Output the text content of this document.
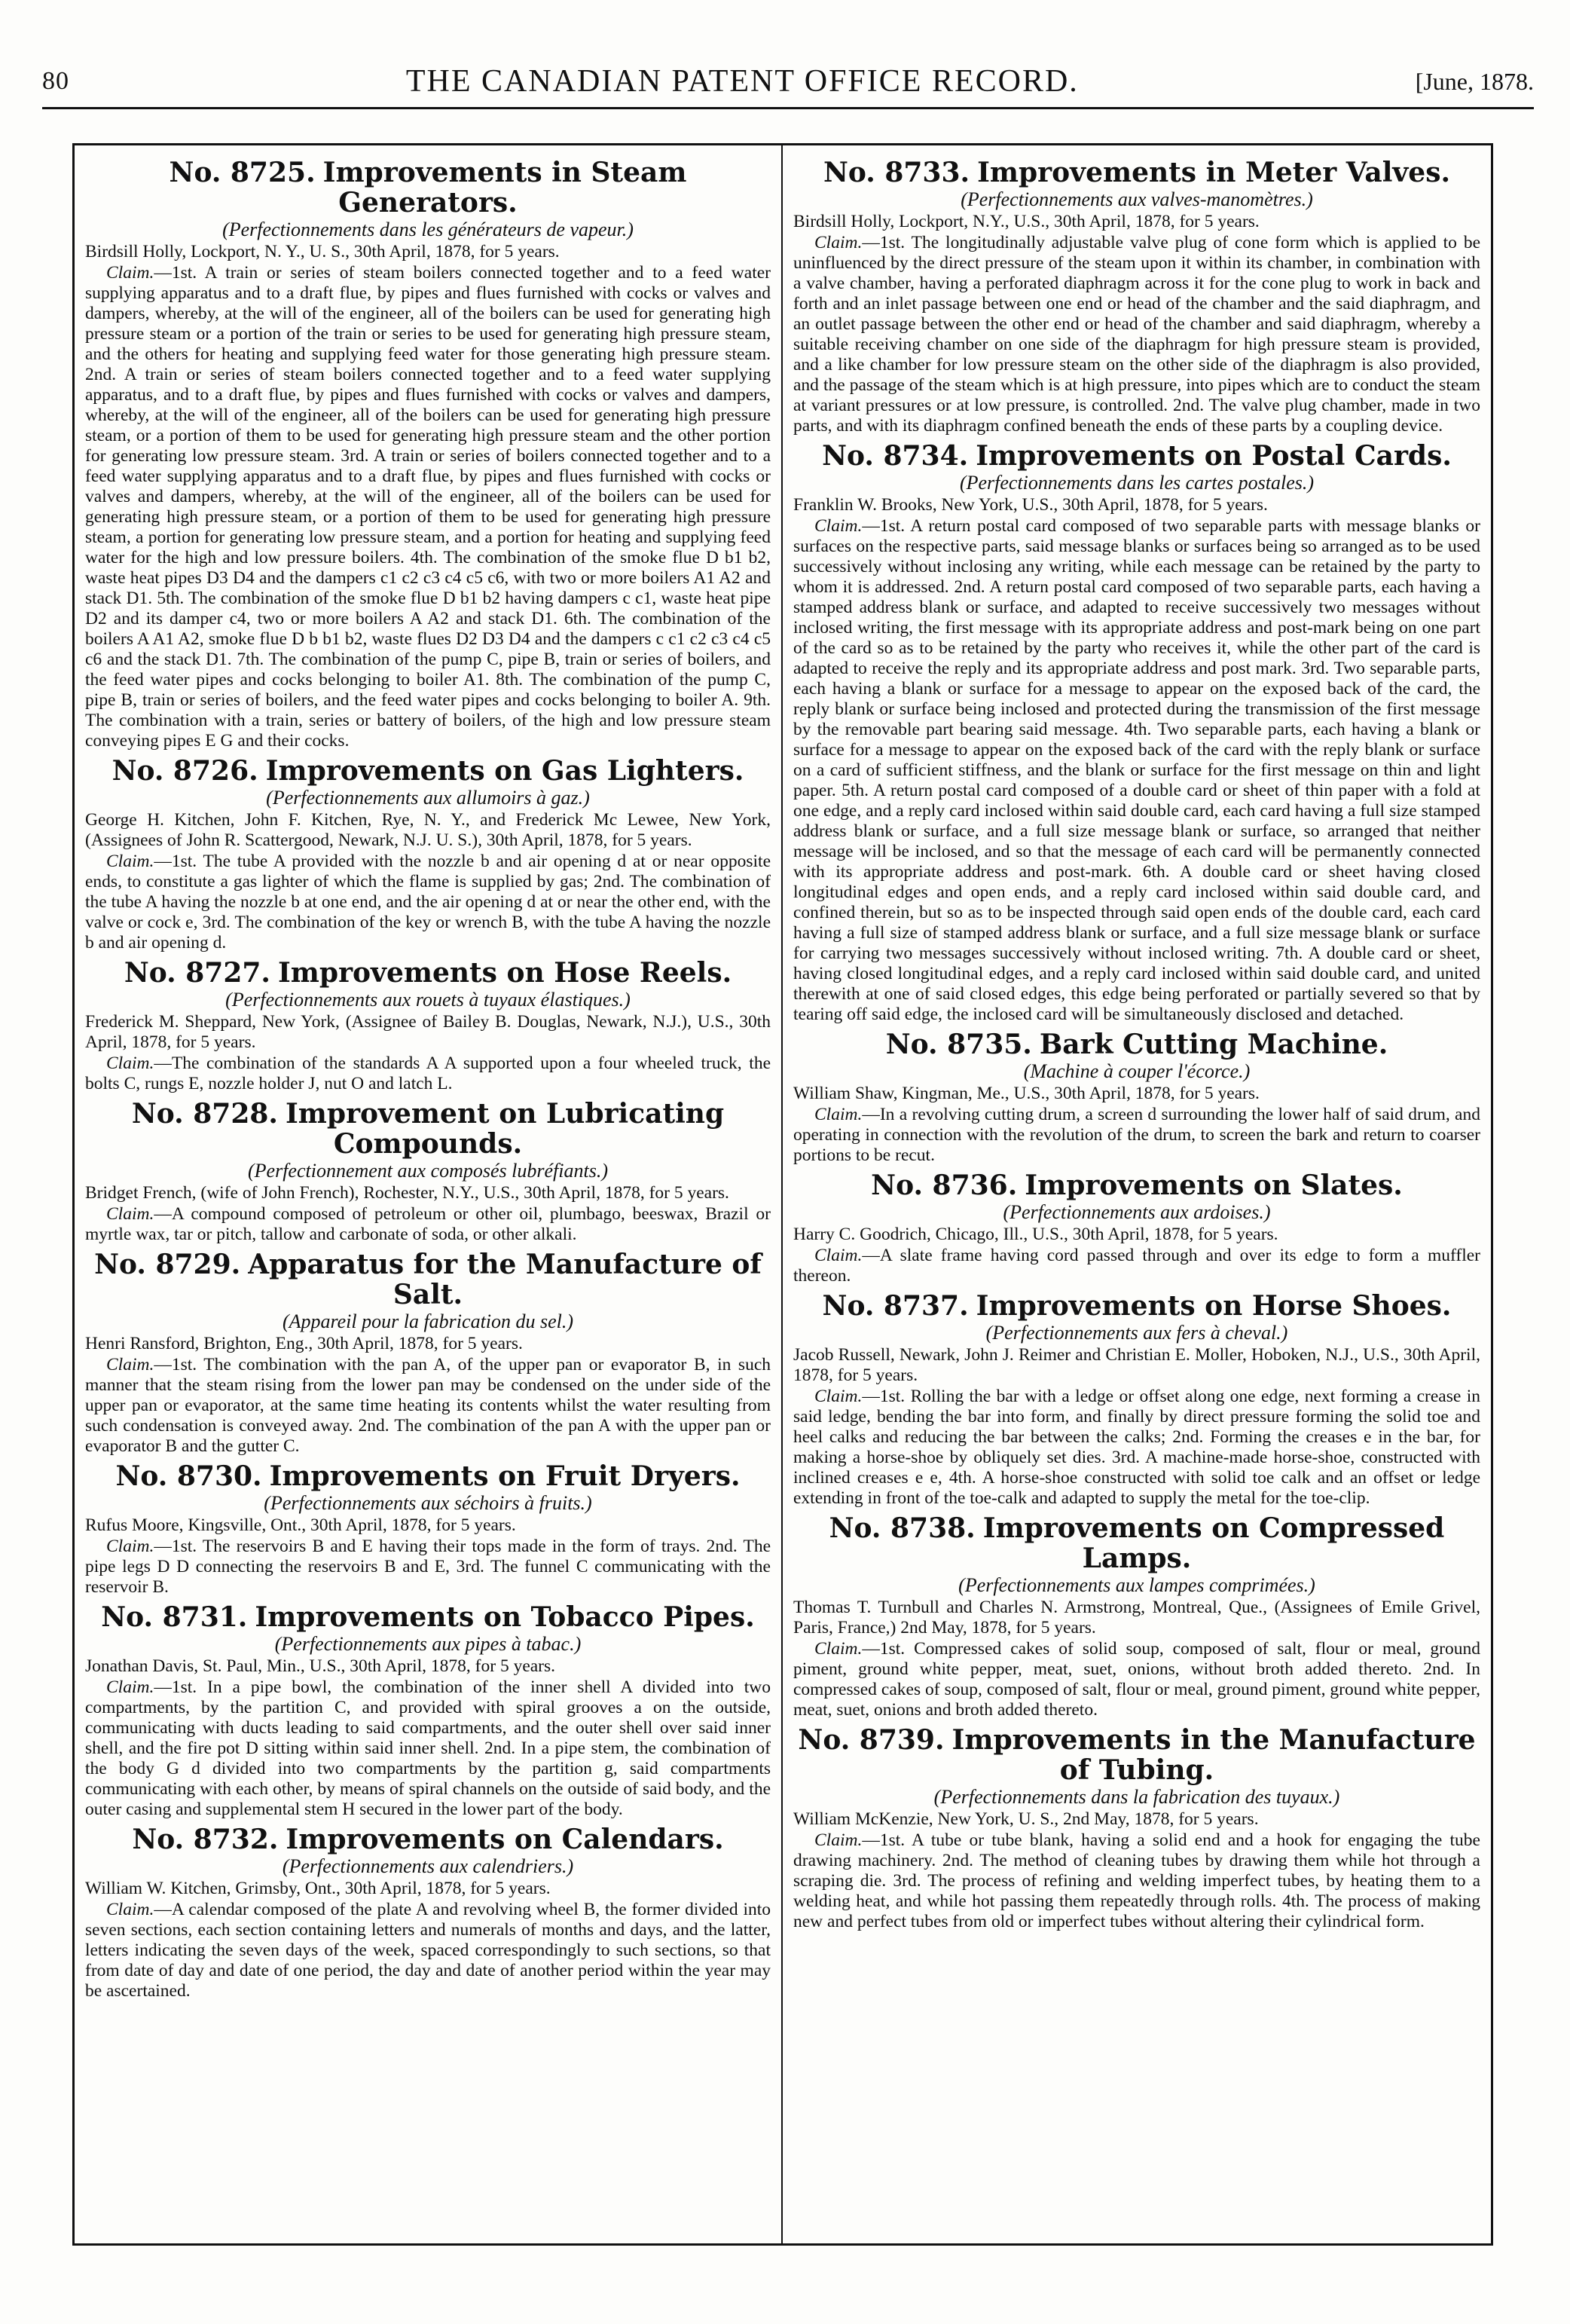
80	THE CANADIAN PATENT OFFICE RECORD.	[June, 1878.
No. 8725. Improvements in Steam Generators.
(Perfectionnements dans les générateurs de vapeur.)
Birdsill Holly, Lockport, N. Y., U. S., 30th April, 1878, for 5 years.

Claim.—1st. A train or series of steam boilers connected together and to a feed water supplying apparatus and to a draft flue, by pipes and flues furnished with cocks or valves and dampers, whereby, at the will of the engineer, all of the boilers can be used for generating high pressure steam or a portion of the train or series to be used for generating high pressure steam, and the others for heating and supplying feed water for those generating high pressure steam. 2nd. A train or series of steam boilers connected together and to a feed water supplying apparatus, and to a draft flue, by pipes and flues furnished with cocks or valves and dampers, whereby, at the will of the engineer, all of the boilers can be used for generating high pressure steam, or a portion of them to be used for generating high pressure steam and the other portion for generating low pressure steam. 3rd. A train or series of boilers connected together and to a feed water supplying apparatus and to a draft flue, by pipes and flues furnished with cocks or valves and dampers, whereby, at the will of the engineer, all of the boilers can be used for generating high pressure steam, or a portion of them to be used for generating high pressure steam, a portion for generating low pressure steam, and a portion for heating and supplying feed water for the high and low pressure boilers. 4th. The combination of the smoke flue D b1 b2, waste heat pipes D3 D4 and the dampers c1 c2 c3 c4 c5 c6, with two or more boilers A1 A2 and stack D1. 5th. The combination of the smoke flue D b1 b2 having dampers c c1, waste heat pipe D2 and its damper c4, two or more boilers A A2 and stack D1. 6th. The combination of the boilers A A1 A2, smoke flue D b b1 b2, waste flues D2 D3 D4 and the dampers c c1 c2 c3 c4 c5 c6 and the stack D1. 7th. The combination of the pump C, pipe B, train or series of boilers, and the feed water pipes and cocks belonging to boiler A1. 8th. The combination of the pump C, pipe B, train or series of boilers, and the feed water pipes and cocks belonging to boiler A. 9th. The combination with a train, series or battery of boilers, of the high and low pressure steam conveying pipes E G and their cocks.

No. 8726. Improvements on Gas Lighters.
(Perfectionnements aux allumoirs à gaz.)
George H. Kitchen, John F. Kitchen, Rye, N. Y., and Frederick Mc Lewee, New York, (Assignees of John R. Scattergood, Newark, N.J. U. S.), 30th April, 1878, for 5 years.

Claim.—1st. The tube A provided with the nozzle b and air opening d at or near opposite ends, to constitute a gas lighter of which the flame is supplied by gas; 2nd. The combination of the tube A having the nozzle b at one end, and the air opening d at or near the other end, with the valve or cock e, 3rd. The combination of the key or wrench B, with the tube A having the nozzle b and air opening d.

No. 8727. Improvements on Hose Reels.
(Perfectionnements aux rouets à tuyaux élastiques.)
Frederick M. Sheppard, New York, (Assignee of Bailey B. Douglas, Newark, N.J.), U.S., 30th April, 1878, for 5 years.

Claim.—The combination of the standards A A supported upon a four wheeled truck, the bolts C, rungs E, nozzle holder J, nut O and latch L.

No. 8728. Improvement on Lubricating Compounds.
(Perfectionnement aux composés lubréfiants.)
Bridget French, (wife of John French), Rochester, N.Y., U.S., 30th April, 1878, for 5 years.

Claim.—A compound composed of petroleum or other oil, plumbago, beeswax, Brazil or myrtle wax, tar or pitch, tallow and carbonate of soda, or other alkali.

No. 8729. Apparatus for the Manufacture of Salt.
(Appareil pour la fabrication du sel.)
Henri Ransford, Brighton, Eng., 30th April, 1878, for 5 years.

Claim.—1st. The combination with the pan A, of the upper pan or evaporator B, in such manner that the steam rising from the lower pan may be condensed on the under side of the upper pan or evaporator, at the same time heating its contents whilst the water resulting from such condensation is conveyed away. 2nd. The combination of the pan A with the upper pan or evaporator B and the gutter C.

No. 8730. Improvements on Fruit Dryers.
(Perfectionnements aux séchoirs à fruits.)
Rufus Moore, Kingsville, Ont., 30th April, 1878, for 5 years.

Claim.—1st. The reservoirs B and E having their tops made in the form of trays. 2nd. The pipe legs D D connecting the reservoirs B and E, 3rd. The funnel C communicating with the reservoir B.

No. 8731. Improvements on Tobacco Pipes.
(Perfectionnements aux pipes à tabac.)
Jonathan Davis, St. Paul, Min., U.S., 30th April, 1878, for 5 years.

Claim.—1st. In a pipe bowl, the combination of the inner shell A divided into two compartments, by the partition C, and provided with spiral grooves a on the outside, communicating with ducts leading to said compartments, and the outer shell over said inner shell, and the fire pot D sitting within said inner shell. 2nd. In a pipe stem, the combination of the body G d divided into two compartments by the partition g, said compartments communicating with each other, by means of spiral channels on the outside of said body, and the outer casing and supplemental stem H secured in the lower part of the body.

No. 8732. Improvements on Calendars.
(Perfectionnements aux calendriers.)
William W. Kitchen, Grimsby, Ont., 30th April, 1878, for 5 years.

Claim.—A calendar composed of the plate A and revolving wheel B, the former divided into seven sections, each section containing letters and numerals of months and days, and the latter, letters indicating the seven days of the week, spaced correspondingly to such sections, so that from date of day and date of one period, the day and date of another period within the year may be ascertained.

No. 8733. Improvements in Meter Valves.
(Perfectionnements aux valves-manomètres.)
Birdsill Holly, Lockport, N.Y., U.S., 30th April, 1878, for 5 years.

Claim.—1st. The longitudinally adjustable valve plug of cone form which is applied to be uninfluenced by the direct pressure of the steam upon it within its chamber, in combination with a valve chamber, having a perforated diaphragm across it for the cone plug to work in back and forth and an inlet passage between one end or head of the chamber and the said diaphragm, and an outlet passage between the other end or head of the chamber and said diaphragm, whereby a suitable receiving chamber on one side of the diaphragm for high pressure steam is provided, and a like chamber for low pressure steam on the other side of the diaphragm is also provided, and the passage of the steam which is at high pressure, into pipes which are to conduct the steam at variant pressures or at low pressure, is controlled. 2nd. The valve plug chamber, made in two parts, and with its diaphragm confined beneath the ends of these parts by a coupling device.

No. 8734. Improvements on Postal Cards.
(Perfectionnements dans les cartes postales.)
Franklin W. Brooks, New York, U.S., 30th April, 1878, for 5 years.

Claim.—1st. A return postal card composed of two separable parts with message blanks or surfaces on the respective parts, said message blanks or surfaces being so arranged as to be used successively without inclosing any writing, while each message can be retained by the party to whom it is addressed. 2nd. A return postal card composed of two separable parts, each having a stamped address blank or surface, and adapted to receive successively two messages without inclosed writing, the first message with its appropriate address and post-mark being on one part of the card so as to be retained by the party who receives it, while the other part of the card is adapted to receive the reply and its appropriate address and post mark. 3rd. Two separable parts, each having a blank or surface for a message to appear on the exposed back of the card, the reply blank or surface being inclosed and protected during the transmission of the first message by the removable part bearing said message. 4th. Two separable parts, each having a blank or surface for a message to appear on the exposed back of the card with the reply blank or surface on a card of sufficient stiffness, and the blank or surface for the first message on thin and light paper. 5th. A return postal card composed of a double card or sheet of thin paper with a fold at one edge, and a reply card inclosed within said double card, each card having a full size stamped address blank or surface, and a full size message blank or surface, so arranged that neither message will be inclosed, and so that the message of each card will be permanently connected with its appropriate address and post-mark. 6th. A double card or sheet having closed longitudinal edges and open ends, and a reply card inclosed within said double card, and confined therein, but so as to be inspected through said open ends of the double card, each card having a full size of stamped address blank or surface, and a full size message blank or surface for carrying two messages successively without inclosed writing. 7th. A double card or sheet, having closed longitudinal edges, and a reply card inclosed within said double card, and united therewith at one of said closed edges, this edge being perforated or partially severed so that by tearing off said edge, the inclosed card will be simultaneously disclosed and detached.

No. 8735. Bark Cutting Machine.
(Machine à couper l'écorce.)
William Shaw, Kingman, Me., U.S., 30th April, 1878, for 5 years.

Claim.—In a revolving cutting drum, a screen d surrounding the lower half of said drum, and operating in connection with the revolution of the drum, to screen the bark and return to coarser portions to be recut.

No. 8736. Improvements on Slates.
(Perfectionnements aux ardoises.)
Harry C. Goodrich, Chicago, Ill., U.S., 30th April, 1878, for 5 years.

Claim.—A slate frame having cord passed through and over its edge to form a muffler thereon.

No. 8737. Improvements on Horse Shoes.
(Perfectionnements aux fers à cheval.)
Jacob Russell, Newark, John J. Reimer and Christian E. Moller, Hoboken, N.J., U.S., 30th April, 1878, for 5 years.

Claim.—1st. Rolling the bar with a ledge or offset along one edge, next forming a crease in said ledge, bending the bar into form, and finally by direct pressure forming the solid toe and heel calks and reducing the bar between the calks; 2nd. Forming the creases e in the bar, for making a horse-shoe by obliquely set dies. 3rd. A machine-made horse-shoe, constructed with inclined creases e e, 4th. A horse-shoe constructed with solid toe calk and an offset or ledge extending in front of the toe-calk and adapted to supply the metal for the toe-clip.

No. 8738. Improvements on Compressed Lamps.
(Perfectionnements aux lampes comprimées.)
Thomas T. Turnbull and Charles N. Armstrong, Montreal, Que., (Assignees of Emile Grivel, Paris, France,) 2nd May, 1878, for 5 years.

Claim.—1st. Compressed cakes of solid soup, composed of salt, flour or meal, ground piment, ground white pepper, meat, suet, onions, without broth added thereto. 2nd. In compressed cakes of soup, composed of salt, flour or meal, ground piment, ground white pepper, meat, suet, onions and broth added thereto.

No. 8739. Improvements in the Manufacture of Tubing.
(Perfectionnements dans la fabrication des tuyaux.)
William McKenzie, New York, U. S., 2nd May, 1878, for 5 years.

Claim.—1st. A tube or tube blank, having a solid end and a hook for engaging the tube drawing machinery. 2nd. The method of cleaning tubes by drawing them while hot through a scraping die. 3rd. The process of refining and welding imperfect tubes, by heating them to a welding heat, and while hot passing them repeatedly through rolls. 4th. The process of making new and perfect tubes from old or imperfect tubes without altering their cylindrical form.
